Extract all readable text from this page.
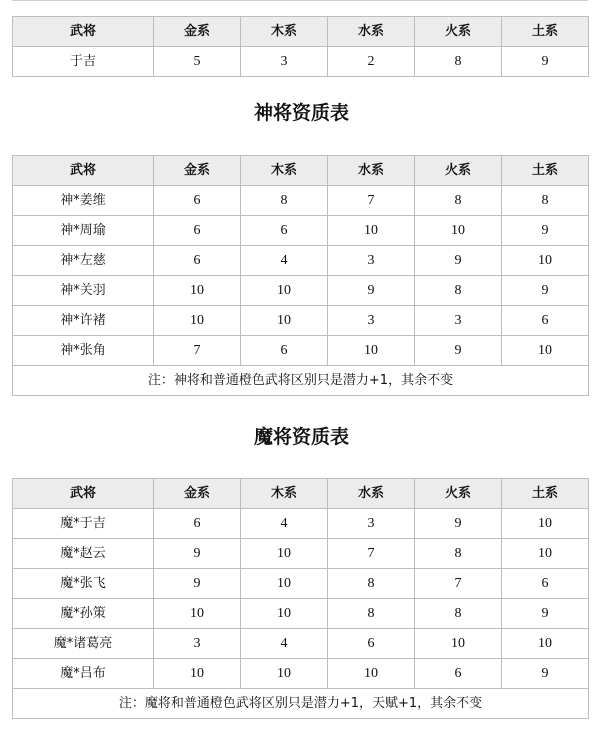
武将	金系	木系	水系	火系	土系
于吉	5	3	2	8	9
神将资质表
武将	金系	木系	水系	火系	土系
神*姜维	6	8	7	8	8
神*周瑜	6	6	10	10	9
神*左慈	6	4	3	9	10
神*关羽	10	10	9	8	9
神*许褚	10	10	3	3	6
神*张角	7	6	10	9	10
注：神将和普通橙色武将区别只是潜力+1，其余不变					
魔将资质表
武将	金系	木系	水系	火系	土系
魔*于吉	6	4	3	9	10
魔*赵云	9	10	7	8	10
魔*张飞	9	10	8	7	6
魔*孙策	10	10	8	8	9
魔*诸葛亮	3	4	6	10	10
魔*吕布	10	10	10	6	9
注：魔将和普通橙色武将区别只是潜力+1，天赋+1，其余不变					
